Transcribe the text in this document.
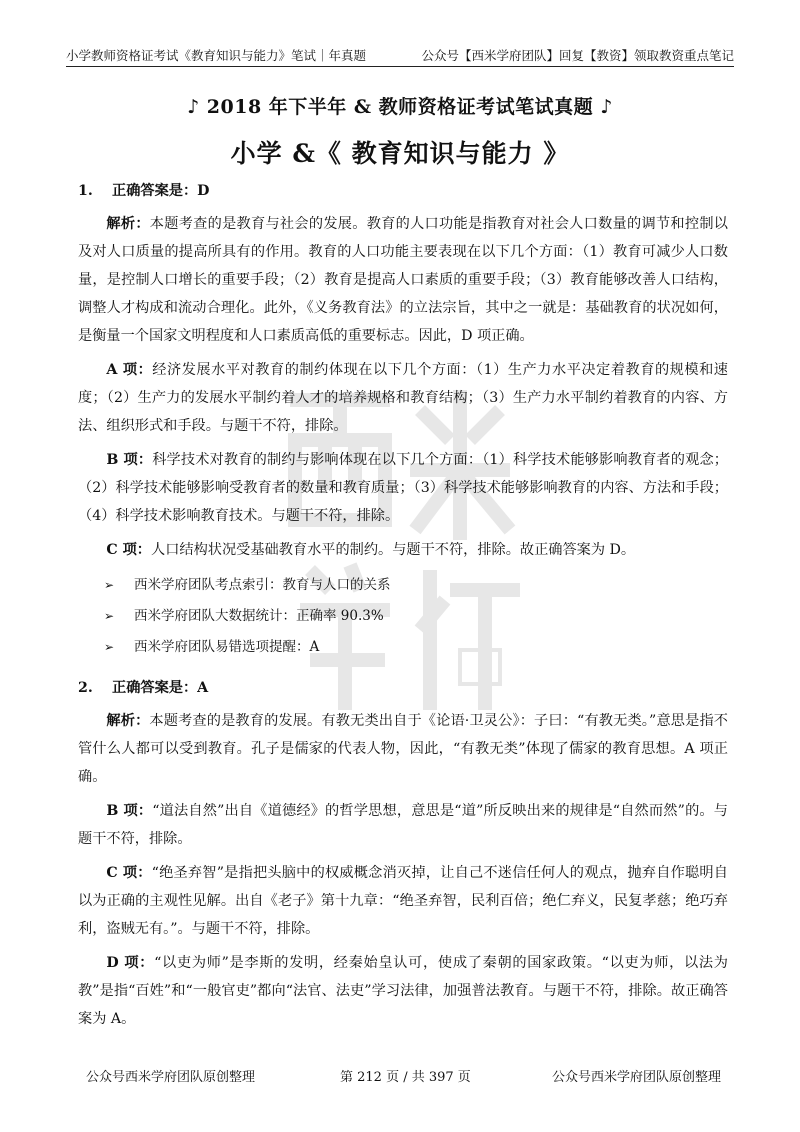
小学教师资格证考试《教育知识与能力》笔试｜年真题	公众号【西米学府团队】回复【教资】领取教资重点笔记
♪ 2018 年下半年 & 教师资格证考试笔试真题 ♪
小学 &《 教育知识与能力 》
1. 正确答案是：D

解析：本题考查的是教育与社会的发展。教育的人口功能是指教育对社会人口数量的调节和控制以及对人口质量的提高所具有的作用。教育的人口功能主要表现在以下几个方面：（1）教育可减少人口数量，是控制人口增长的重要手段；（2）教育是提高人口素质的重要手段；（3）教育能够改善人口结构，调整人才构成和流动合理化。此外，《义务教育法》的立法宗旨，其中之一就是：基础教育的状况如何，是衡量一个国家文明程度和人口素质高低的重要标志。因此，D 项正确。

A 项：经济发展水平对教育的制约体现在以下几个方面：（1）生产力水平决定着教育的规模和速度；（2）生产力的发展水平制约着人才的培养规格和教育结构；（3）生产力水平制约着教育的内容、方法、组织形式和手段。与题干不符，排除。

B 项：科学技术对教育的制约与影响体现在以下几个方面：（1）科学技术能够影响教育者的观念；（2）科学技术能够影响受教育者的数量和教育质量；（3）科学技术能够影响教育的内容、方法和手段；（4）科学技术影响教育技术。与题干不符，排除。

C 项：人口结构状况受基础教育水平的制约。与题干不符，排除。故正确答案为 D。

➢ 西米学府团队考点索引：教育与人口的关系
➢ 西米学府团队大数据统计：正确率 90.3%
➢ 西米学府团队易错选项提醒：A
2. 正确答案是：A

解析：本题考查的是教育的发展。有教无类出自于《论语·卫灵公》：子曰：“有教无类。”意思是指不管什么人都可以受到教育。孔子是儒家的代表人物，因此，“有教无类”体现了儒家的教育思想。A 项正确。

B 项：“道法自然”出自《道德经》的哲学思想，意思是“道”所反映出来的规律是“自然而然”的。与题干不符，排除。

C 项：“绝圣弃智”是指把头脑中的权威概念消灭掉，让自己不迷信任何人的观点，抛弃自作聪明自以为正确的主观性见解。出自《老子》第十九章：“绝圣弃智，民利百倍；绝仁弃义，民复孝慈；绝巧弃利，盗贼无有。”。与题干不符，排除。

D 项：“以吏为师”是李斯的发明，经秦始皇认可，使成了秦朝的国家政策。“以吏为师，以法为教”是指“百姓”和“一般官吏”都向“法官、法吏”学习法律，加强普法教育。与题干不符，排除。故正确答案为 A。

公众号西米学府团队原创整理	第 212 页 / 共 397 页	公众号西米学府团队原创整理
